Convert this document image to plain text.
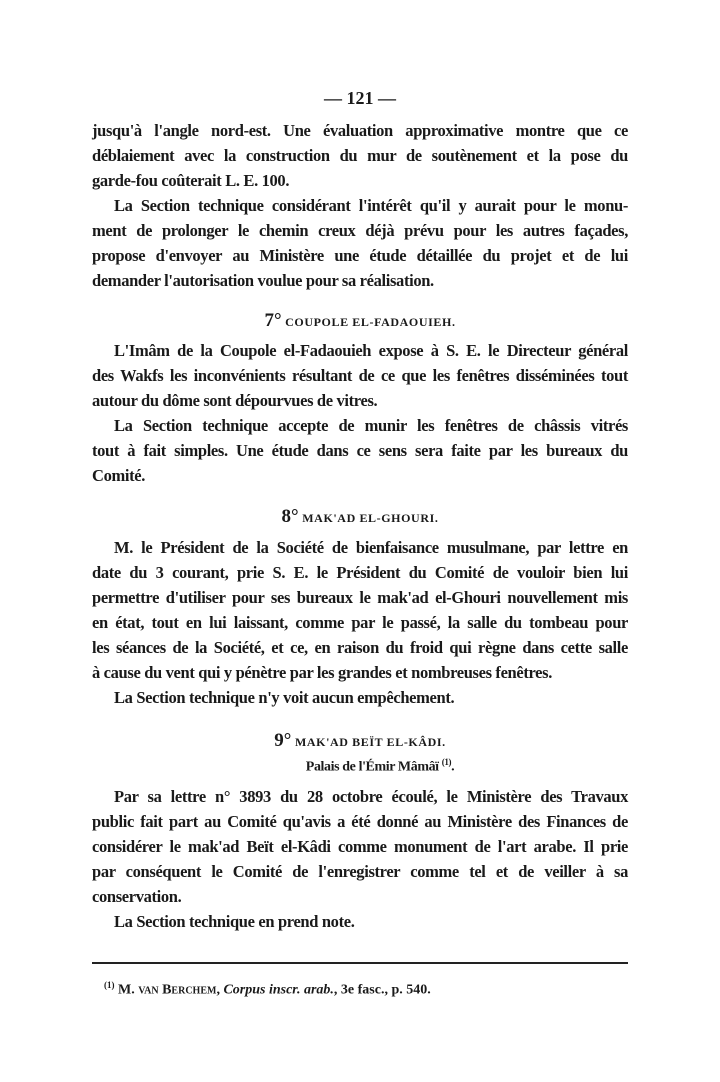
— 121 —
jusqu'à l'angle nord-est. Une évaluation approximative montre que ce
déblaiement avec la construction du mur de soutènement et la pose du
garde-fou coûterait L. E. 100.
La Section technique considérant l'intérêt qu'il y aurait pour le monu-
ment de prolonger le chemin creux déjà prévu pour les autres façades,
propose d'envoyer au Ministère une étude détaillée du projet et de lui
demander l'autorisation voulue pour sa réalisation.
7° COUPOLE EL-FADAOUIEH.
L'Imâm de la Coupole el-Fadaouieh expose à S. E. le Directeur général
des Wakfs les inconvénients résultant de ce que les fenêtres disséminées tout
autour du dôme sont dépourvues de vitres.
La Section technique accepte de munir les fenêtres de châssis vitrés
tout à fait simples. Une étude dans ce sens sera faite par les bureaux du
Comité.
8° MAK'AD EL-GHOURI.
M. le Président de la Société de bienfaisance musulmane, par lettre en
date du 3 courant, prie S. E. le Président du Comité de vouloir bien lui
permettre d'utiliser pour ses bureaux le mak'ad el-Ghouri nouvellement mis
en état, tout en lui laissant, comme par le passé, la salle du tombeau pour
les séances de la Société, et ce, en raison du froid qui règne dans cette salle
à cause du vent qui y pénètre par les grandes et nombreuses fenêtres.
La Section technique n'y voit aucun empêchement.
9° MAK'AD BEÏT EL-KÂDI.
Palais de l'Émir Mâmâï $^{(1)}$.
Par sa lettre n° 3893 du 28 octobre écoulé, le Ministère des Travaux
public fait part au Comité qu'avis a été donné au Ministère des Finances de
considérer le mak'ad Beït el-Kâdi comme monument de l'art arabe. Il prie
par conséquent le Comité de l'enregistrer comme tel et de veiller à sa
conservation.
La Section technique en prend note.
$^{(1)}$ M. van Berchem, Corpus inscr. arab., 3e fasc., p. 540.
